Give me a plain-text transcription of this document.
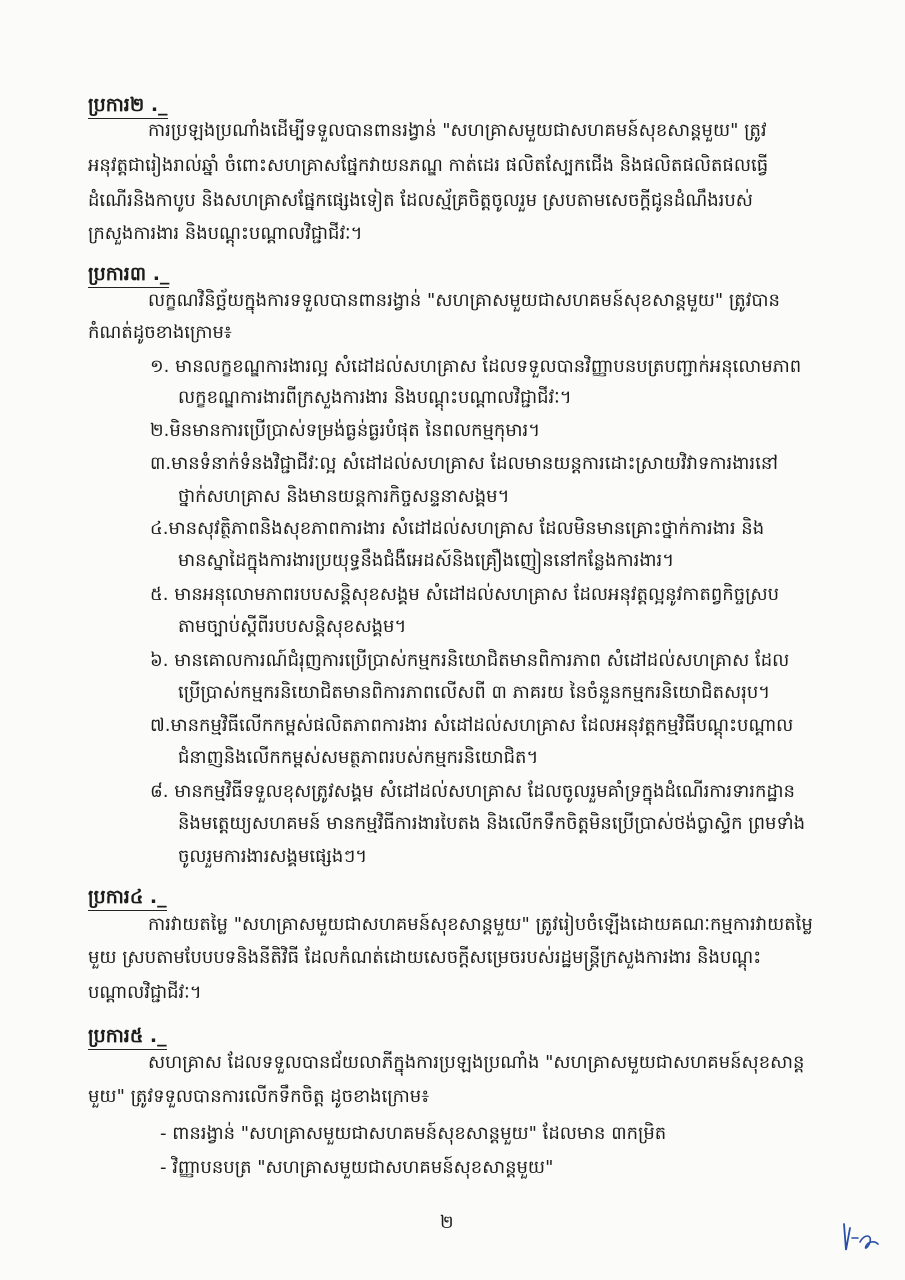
ប្រការ២ ._
ការប្រឡងប្រណាំងដើម្បីទទួលបានពានរង្វាន់ "សហគ្រាសមួយជាសហគមន៍សុខសាន្តមួយ" ត្រូវ
អនុវត្តជារៀងរាល់ឆ្នាំ ចំពោះសហគ្រាសផ្នែកវាយនភណ្ឌ កាត់ដេរ ផលិតស្បែកជើង និងផលិតផលិតផលធ្វើ
ដំណើរនិងកាបូប និងសហគ្រាសផ្នែកផ្សេងទៀត ដែលស្ម័គ្រចិត្តចូលរួម ស្របតាមសេចក្តីជូនដំណឹងរបស់
ក្រសួងការងារ និងបណ្តុះបណ្តាលវិជ្ជាជីវៈ។
ប្រការ៣ ._
លក្ខណវិនិច្ឆ័យក្នុងការទទួលបានពានរង្វាន់ "សហគ្រាសមួយជាសហគមន៍សុខសាន្តមួយ" ត្រូវបាន
កំណត់ដូចខាងក្រោម៖
១. មានលក្ខខណ្ឌការងារល្អ សំដៅដល់សហគ្រាស ដែលទទួលបានវិញ្ញាបនបត្របញ្ជាក់អនុលោមភាព
លក្ខខណ្ឌការងារពីក្រសួងការងារ និងបណ្តុះបណ្តាលវិជ្ជាជីវៈ។
២.មិនមានការប្រើប្រាស់ទម្រង់ធ្ងន់ធ្ងរបំផុត នៃពលកម្មកុមារ។
៣.មានទំនាក់ទំនងវិជ្ជាជីវៈល្អ សំដៅដល់សហគ្រាស ដែលមានយន្តការដោះស្រាយវិវាទការងារនៅ
ថ្នាក់សហគ្រាស និងមានយន្តការកិច្ចសន្ទនាសង្គម។
៤.មានសុវត្ថិភាពនិងសុខភាពការងារ សំដៅដល់សហគ្រាស ដែលមិនមានគ្រោះថ្នាក់ការងារ និង
មានស្នាដៃក្នុងការងារប្រយុទ្ធនឹងជំងឺអេដស៍និងគ្រឿងញៀននៅកន្លែងការងារ។
៥. មានអនុលោមភាពរបបសន្តិសុខសង្គម សំដៅដល់សហគ្រាស ដែលអនុវត្តល្អនូវកាតព្វកិច្ចស្រប
តាមច្បាប់ស្តីពីរបបសន្តិសុខសង្គម។
៦. មានគោលការណ៍ជំរុញការប្រើប្រាស់កម្មករនិយោជិតមានពិការភាព សំដៅដល់សហគ្រាស ដែល
ប្រើប្រាស់កម្មករនិយោជិតមានពិការភាពលើសពី ៣ ភាគរយ នៃចំនួនកម្មករនិយោជិតសរុប។
៧.មានកម្មវិធីលើកកម្ពស់ផលិតភាពការងារ សំដៅដល់សហគ្រាស ដែលអនុវត្តកម្មវិធីបណ្តុះបណ្តាល
ជំនាញនិងលើកកម្ពស់សមត្ថភាពរបស់កម្មករនិយោជិត។
៨. មានកម្មវិធីទទួលខុសត្រូវសង្គម សំដៅដល់សហគ្រាស ដែលចូលរួមគាំទ្រក្នុងដំណើរការទារកដ្ឋាន
និងមត្តេយ្យសហគមន៍ មានកម្មវិធីការងារបៃតង និងលើកទឹកចិត្តមិនប្រើប្រាស់ថង់ប្លាស្ទិក ព្រមទាំង
ចូលរួមការងារសង្គមផ្សេងៗ។
ប្រការ៤ ._
ការវាយតម្លៃ "សហគ្រាសមួយជាសហគមន៍សុខសាន្តមួយ" ត្រូវរៀបចំឡើងដោយគណៈកម្មការវាយតម្លៃ
មួយ ស្របតាមបែបបទនិងនីតិវិធី ដែលកំណត់ដោយសេចក្តីសម្រេចរបស់រដ្ឋមន្ត្រីក្រសួងការងារ និងបណ្តុះ
បណ្តាលវិជ្ជាជីវៈ។
ប្រការ៥ ._
សហគ្រាស ដែលទទួលបានជ័យលាភីក្នុងការប្រឡងប្រណាំង "សហគ្រាសមួយជាសហគមន៍សុខសាន្ត
មួយ" ត្រូវទទួលបានការលើកទឹកចិត្ត ដូចខាងក្រោម៖
- ពានរង្វាន់ "សហគ្រាសមួយជាសហគមន៍សុខសាន្តមួយ" ដែលមាន ៣កម្រិត
- វិញ្ញាបនបត្រ "សហគ្រាសមួយជាសហគមន៍សុខសាន្តមួយ"
២
